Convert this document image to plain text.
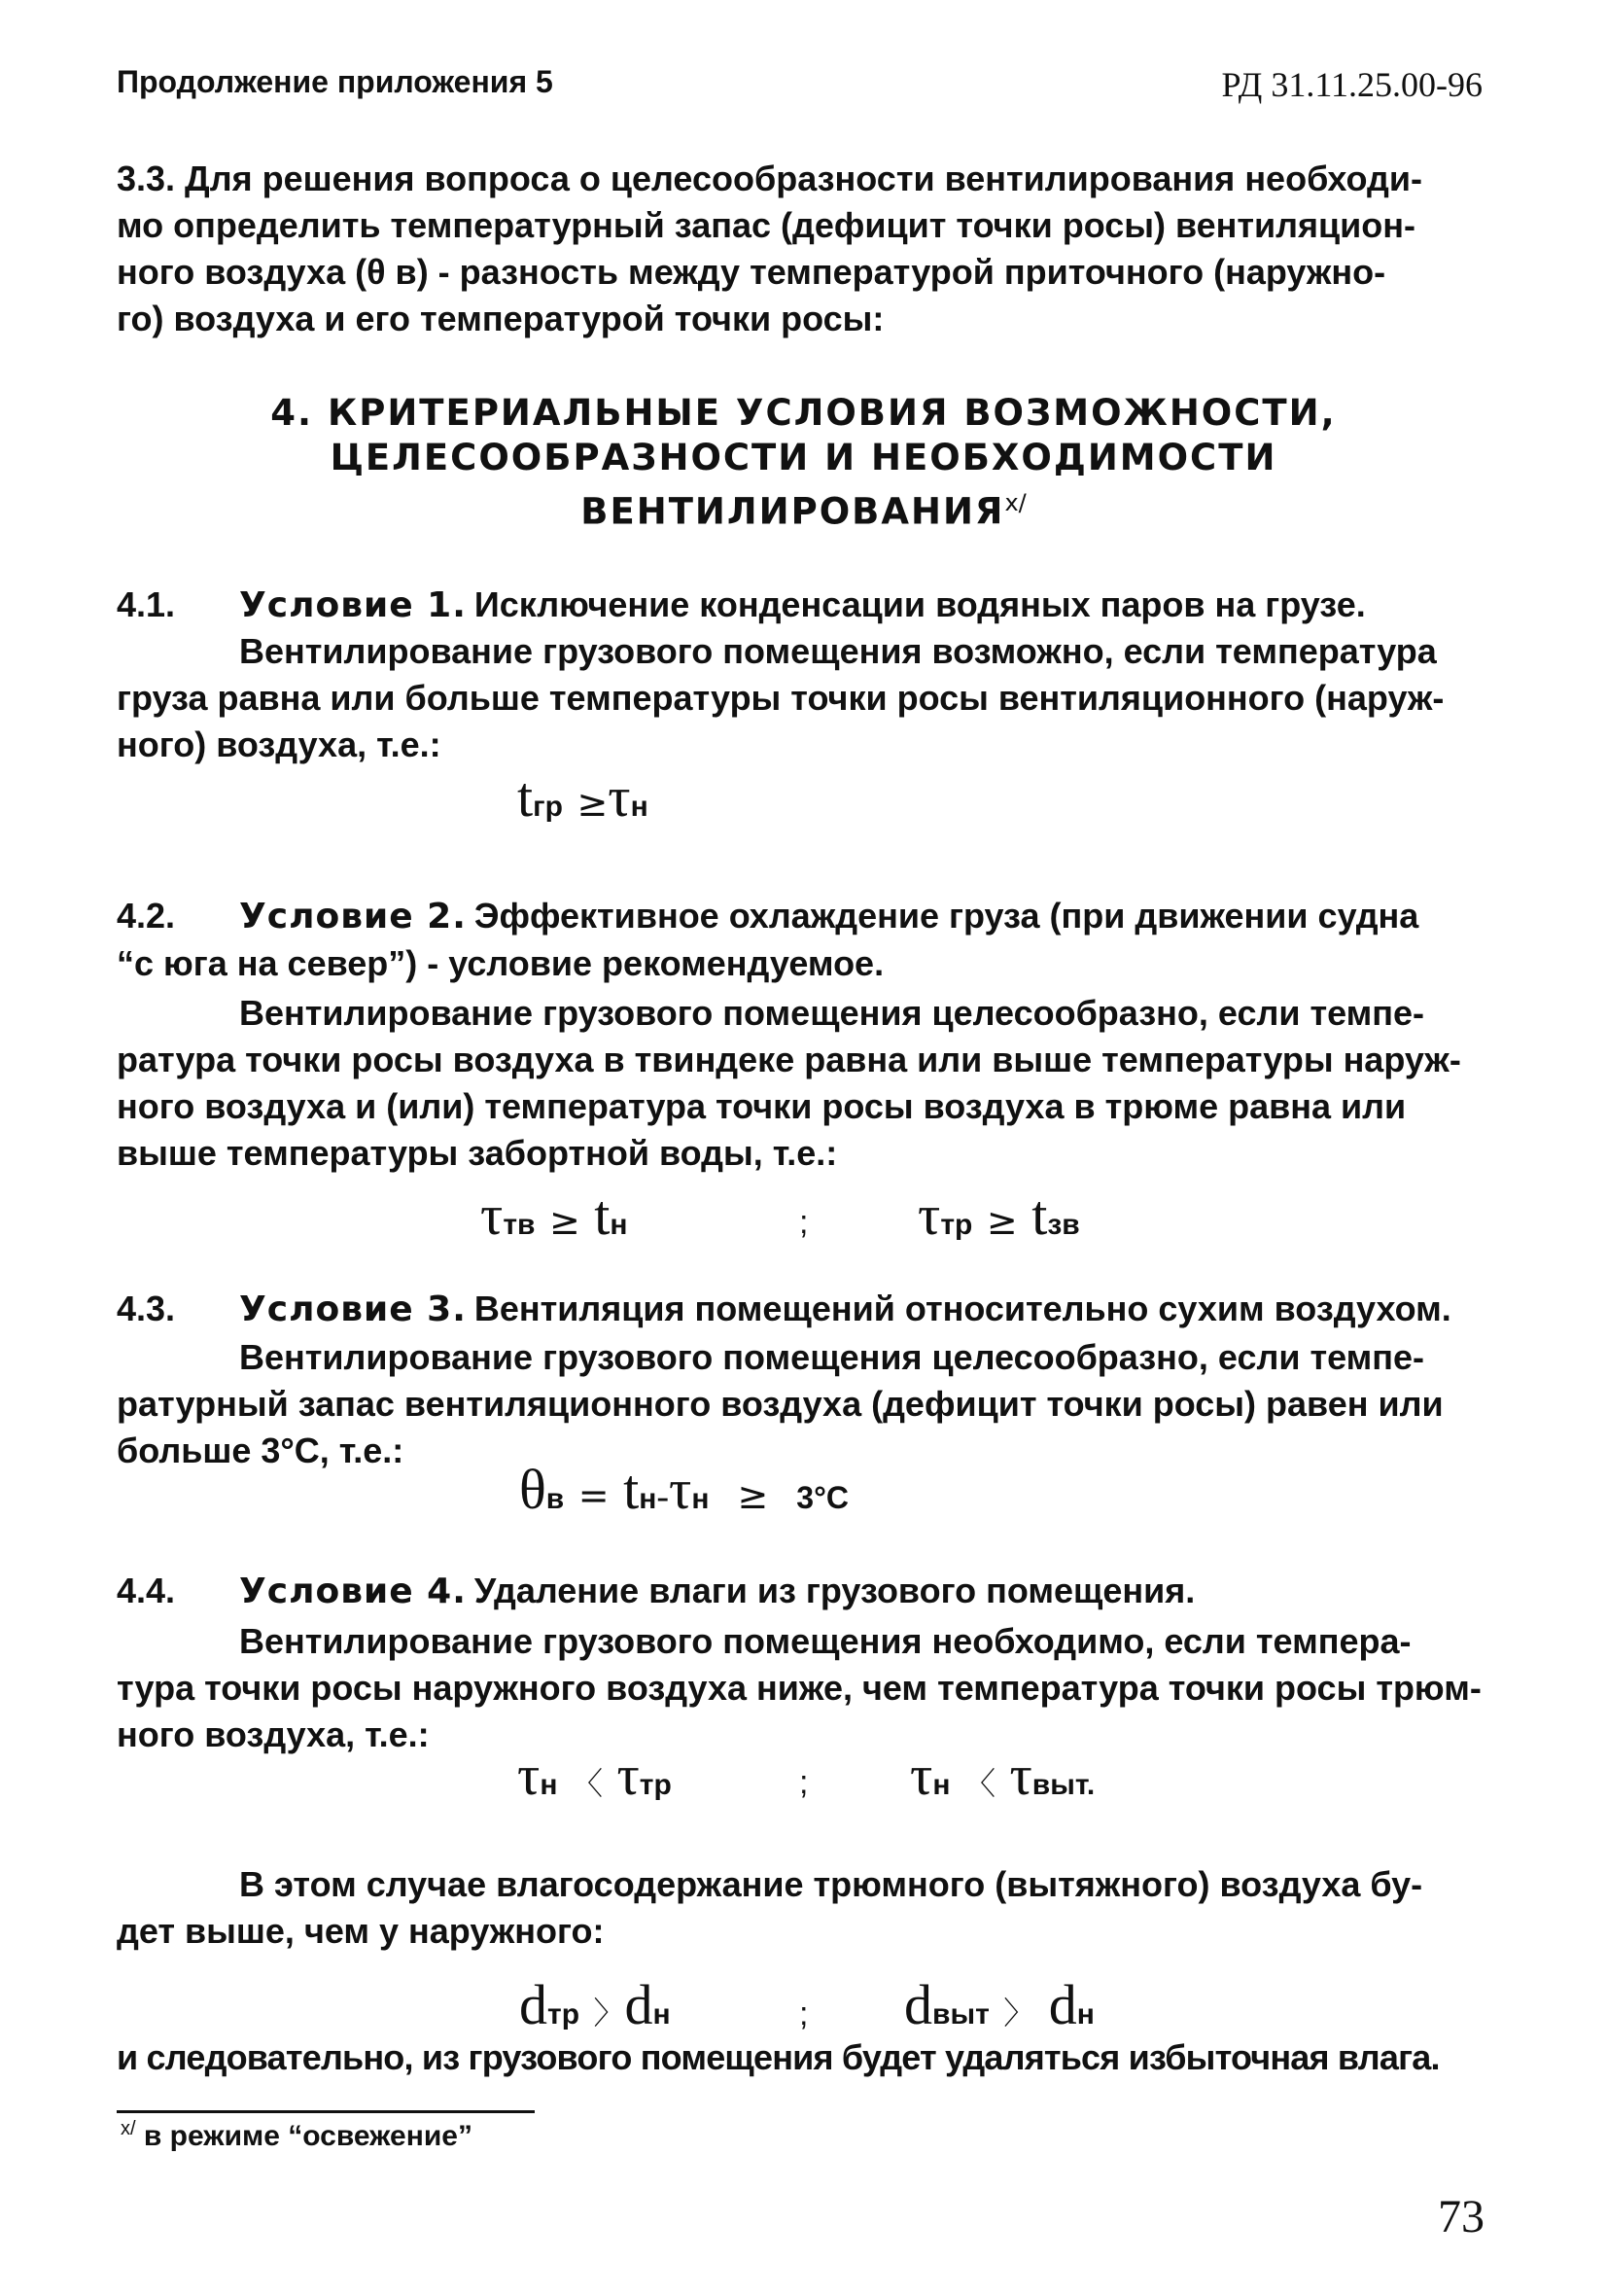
Продолжение приложения 5	РД 31.11.25.00-96
3.3. Для решения вопроса о целесообразности вентилирования необходи-
мо определить температурный запас (дефицит точки росы) вентиляцион-
ного воздуха (θ в) - разность между температурой приточного (наружно-
го) воздуха и его температурой точки росы:
4. КРИТЕРИАЛЬНЫЕ УСЛОВИЯ ВОЗМОЖНОСТИ,
ЦЕЛЕСООБРАЗНОСТИ И НЕОБХОДИМОСТИ
$ВЕНТИЛИРОВАНИЯ^{x/}$
4.1. Условие 1. Исключение конденсации водяных паров на грузе.
Вентилирование грузового помещения возможно, если температура
груза равна или больше температуры точки росы вентиляционного (наруж-
ного) воздуха, т.е.:
tгр ≥τн
4.2. Условие 2. Эффективное охлаждение груза (при движении судна
“с юга на север”) - условие рекомендуемое.
Вентилирование грузового помещения целесообразно, если темпе-
ратура точки росы воздуха в твиндеке равна или выше температуры наруж-
ного воздуха и (или) температура точки росы воздуха в трюме равна или
выше температуры забортной воды, т.е.:
τтв ≥ tн	; τтр ≥ tзв
4.3. Условие 3. Вентиляция помещений относительно сухим воздухом.
Вентилирование грузового помещения целесообразно, если темпе-
ратурный запас вентиляционного воздуха (дефицит точки росы) равен или
больше 3°С, т.е.:
θв = tн-τн ≥ 3°С
4.4. Условие 4. Удаление влаги из грузового помещения.
Вентилирование грузового помещения необходимо, если темпера-
тура точки росы наружного воздуха ниже, чем температура точки росы трюм-
ного воздуха, т.е.:
τн 〈 τтр	; τн 〈 τвыт.
В этом случае влагосодержание трюмного (вытяжного) воздуха бу-
дет выше, чем у наружного:
dтр 〉dн	; dвыт 〉 dн
и следовательно, из грузового помещения будет удаляться избыточная влага.
$^{x/}$ в режиме “освежение”
73
